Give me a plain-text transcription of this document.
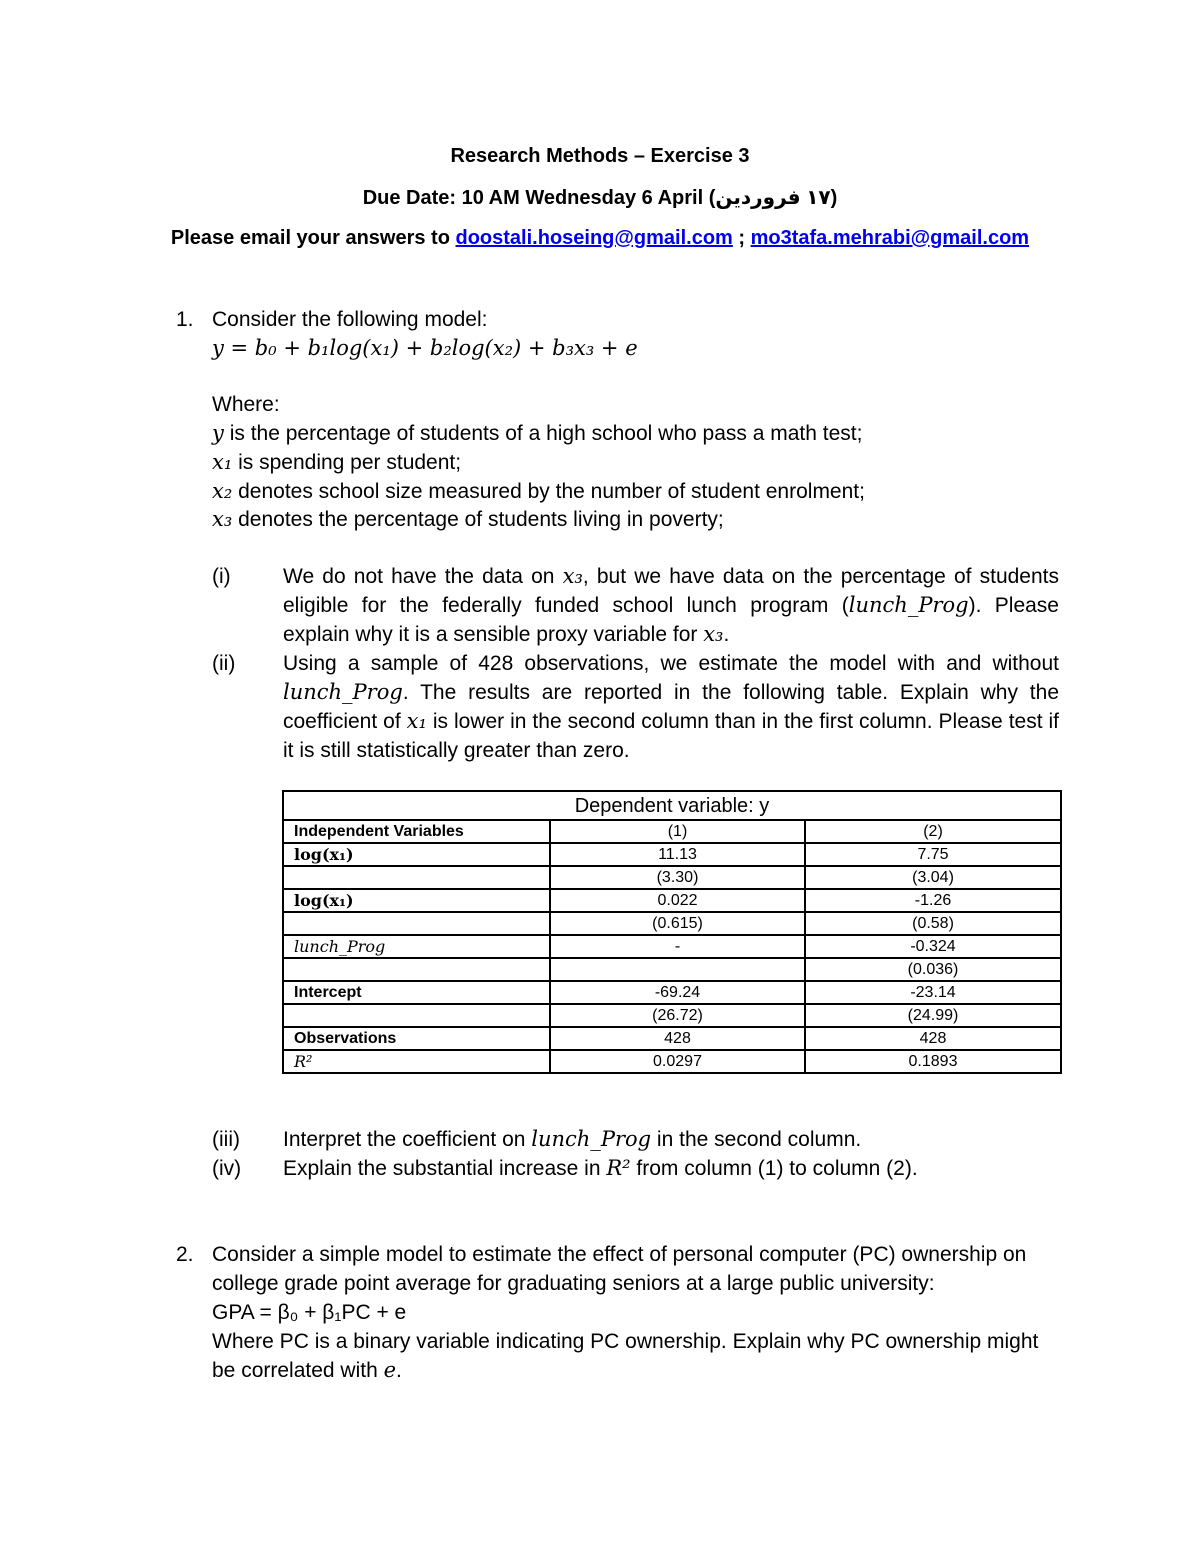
Research Methods – Exercise 3
Due Date: 10 AM Wednesday 6 April (۱۷ فروردین)
Please email your answers to doostali.hoseing@gmail.com ; mo3tafa.mehrabi@gmail.com
1. Consider the following model:
y = b₀ + b₁log(x₁) + b₂log(x₂) + b₃x₃ + e
Where:
y is the percentage of students of a high school who pass a math test;
x₁ is spending per student;
x₂ denotes school size measured by the number of student enrolment;
x₃ denotes the percentage of students living in poverty;
(i) We do not have the data on x₃, but we have data on the percentage of students eligible for the federally funded school lunch program (lunch_Prog). Please explain why it is a sensible proxy variable for x₃.
(ii) Using a sample of 428 observations, we estimate the model with and without lunch_Prog. The results are reported in the following table. Explain why the coefficient of x₁ is lower in the second column than in the first column. Please test if it is still statistically greater than zero.
Dependent variable: y		
Independent Variables	(1)	(2)
log(x₁)	11.13	7.75
	(3.30)	(3.04)
log(x₁)	0.022	-1.26
	(0.615)	(0.58)
lunch_Prog	-	-0.324
		(0.036)
Intercept	-69.24	-23.14
	(26.72)	(24.99)
Observations	428	428
R²	0.0297	0.1893
(iii) Interpret the coefficient on lunch_Prog in the second column.
(iv) Explain the substantial increase in R² from column (1) to column (2).
2. Consider a simple model to estimate the effect of personal computer (PC) ownership on college grade point average for graduating seniors at a large public university:
GPA = β₀ + β₁PC + e
Where PC is a binary variable indicating PC ownership. Explain why PC ownership might be correlated with e.
